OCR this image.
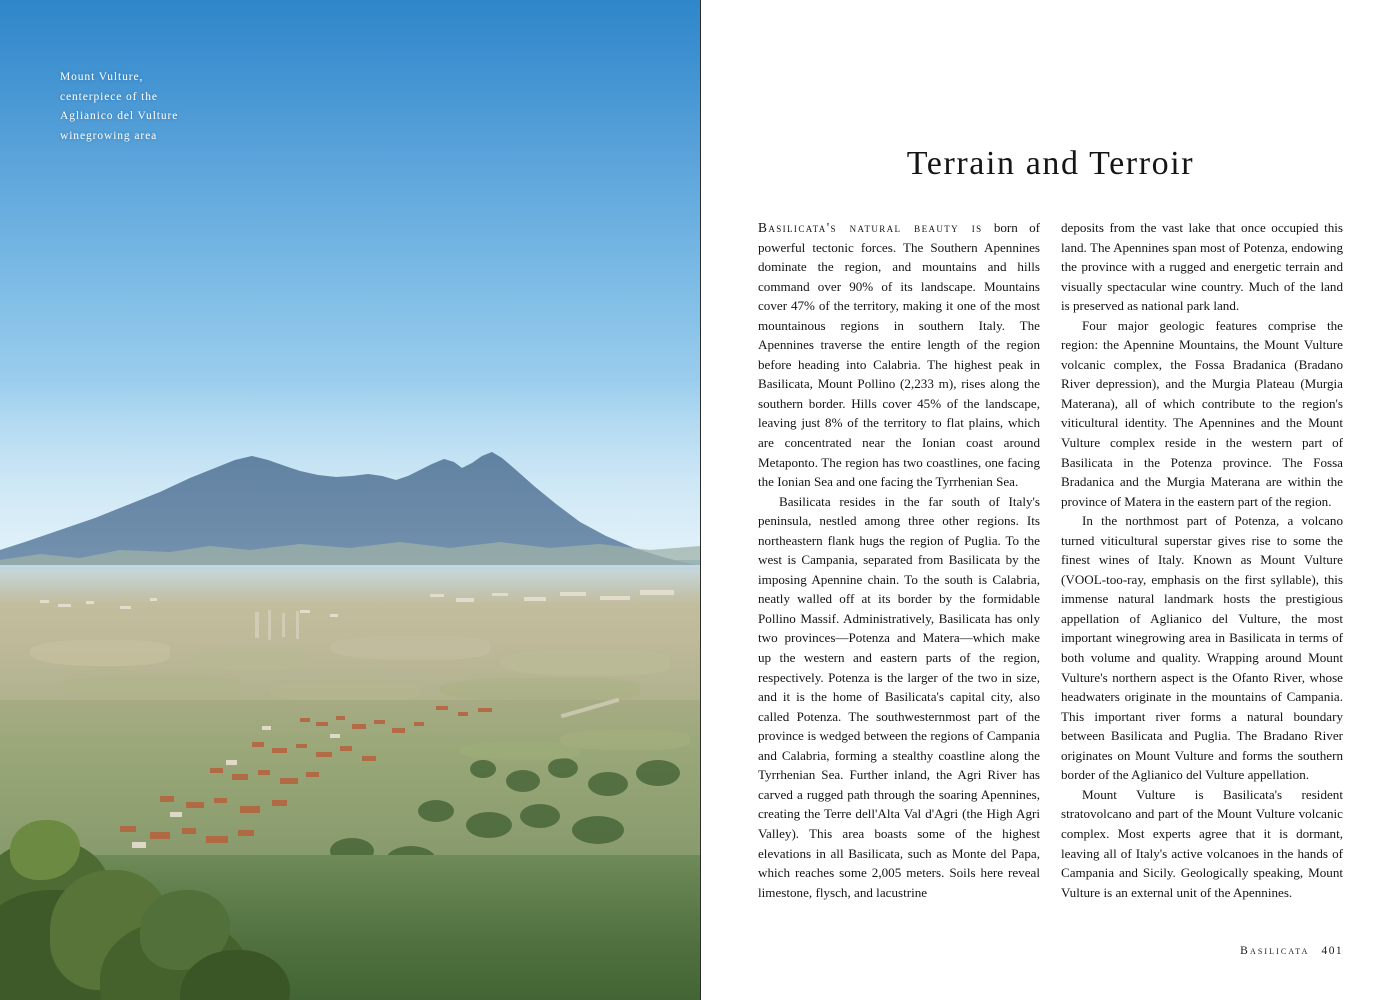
Mount Vulture,
centerpiece of the
Aglianico del Vulture
winegrowing area
Terrain and Terroir

Basilicata's natural beauty is born of powerful tectonic forces. The Southern Apennines dominate the region, and mountains and hills command over 90% of its landscape. Mountains cover 47% of the territory, making it one of the most mountainous regions in southern Italy. The Apennines traverse the entire length of the region before heading into Calabria. The highest peak in Basilicata, Mount Pollino (2,233 m), rises along the southern border. Hills cover 45% of the landscape, leaving just 8% of the territory to flat plains, which are concentrated near the Ionian coast around Metaponto. The region has two coastlines, one facing the Ionian Sea and one facing the Tyrrhenian Sea.

Basilicata resides in the far south of Italy's peninsula, nestled among three other regions. Its northeastern flank hugs the region of Puglia. To the west is Campania, separated from Basilicata by the imposing Apennine chain. To the south is Calabria, neatly walled off at its border by the formidable Pollino Massif. Administratively, Basilicata has only two provinces—Potenza and Matera—which make up the western and eastern parts of the region, respectively. Potenza is the larger of the two in size, and it is the home of Basilicata's capital city, also called Potenza. The southwesternmost part of the province is wedged between the regions of Campania and Calabria, forming a stealthy coastline along the Tyrrhenian Sea. Further inland, the Agri River has carved a rugged path through the soaring Apennines, creating the Terre dell'Alta Val d'Agri (the High Agri Valley). This area boasts some of the highest elevations in all Basilicata, such as Monte del Papa, which reaches some 2,005 meters. Soils here reveal limestone, flysch, and lacustrine

deposits from the vast lake that once occupied this land. The Apennines span most of Potenza, endowing the province with a rugged and energetic terrain and visually spectacular wine country. Much of the land is preserved as national park land.

Four major geologic features comprise the region: the Apennine Mountains, the Mount Vulture volcanic complex, the Fossa Bradanica (Bradano River depression), and the Murgia Plateau (Murgia Materana), all of which contribute to the region's viticultural identity. The Apennines and the Mount Vulture complex reside in the western part of Basilicata in the Potenza province. The Fossa Bradanica and the Murgia Materana are within the province of Matera in the eastern part of the region.

In the northmost part of Potenza, a volcano turned viticultural superstar gives rise to some the finest wines of Italy. Known as Mount Vulture (VOOL-too-ray, emphasis on the first syllable), this immense natural landmark hosts the prestigious appellation of Aglianico del Vulture, the most important winegrowing area in Basilicata in terms of both volume and quality. Wrapping around Mount Vulture's northern aspect is the Ofanto River, whose headwaters originate in the mountains of Campania. This important river forms a natural boundary between Basilicata and Puglia. The Bradano River originates on Mount Vulture and forms the southern border of the Aglianico del Vulture appellation.

Mount Vulture is Basilicata's resident stratovolcano and part of the Mount Vulture volcanic complex. Most experts agree that it is dormant, leaving all of Italy's active volcanoes in the hands of Campania and Sicily. Geologically speaking, Mount Vulture is an external unit of the Apennines.

Basilicata 401
